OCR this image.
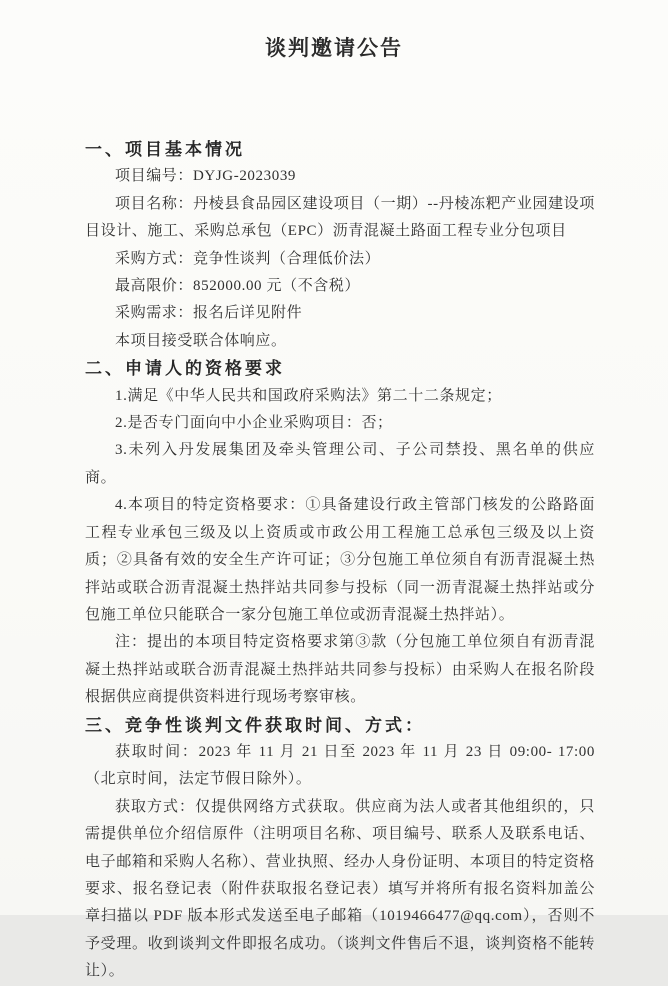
谈判邀请公告
一、项目基本情况

项目编号：DYJG-2023039

项目名称：丹棱县食品园区建设项目（一期）--丹棱冻粑产业园建设项目设计、施工、采购总承包（EPC）沥青混凝土路面工程专业分包项目

采购方式：竞争性谈判（合理低价法）

最高限价：852000.00 元（不含税）

采购需求：报名后详见附件

本项目接受联合体响应。

二、申请人的资格要求

1.满足《中华人民共和国政府采购法》第二十二条规定；

2.是否专门面向中小企业采购项目：否；

3.未列入丹发展集团及牵头管理公司、子公司禁投、黑名单的供应商。

4.本项目的特定资格要求：①具备建设行政主管部门核发的公路路面工程专业承包三级及以上资质或市政公用工程施工总承包三级及以上资质；②具备有效的安全生产许可证；③分包施工单位须自有沥青混凝土热拌站或联合沥青混凝土热拌站共同参与投标（同一沥青混凝土热拌站或分包施工单位只能联合一家分包施工单位或沥青混凝土热拌站）。

注：提出的本项目特定资格要求第③款（分包施工单位须自有沥青混凝土热拌站或联合沥青混凝土热拌站共同参与投标）由采购人在报名阶段根据供应商提供资料进行现场考察审核。

三、竞争性谈判文件获取时间、方式：

获取时间：2023 年 11 月 21 日至 2023 年 11 月 23 日 09:00- 17:00（北京时间，法定节假日除外）。

获取方式：仅提供网络方式获取。供应商为法人或者其他组织的，只需提供单位介绍信原件（注明项目名称、项目编号、联系人及联系电话、电子邮箱和采购人名称）、营业执照、经办人身份证明、本项目的特定资格要求、报名登记表（附件获取报名登记表）填写并将所有报名资料加盖公章扫描以 PDF 版本形式发送至电子邮箱（1019466477@qq.com），否则不予受理。收到谈判文件即报名成功。（谈判文件售后不退，谈判资格不能转让）。
